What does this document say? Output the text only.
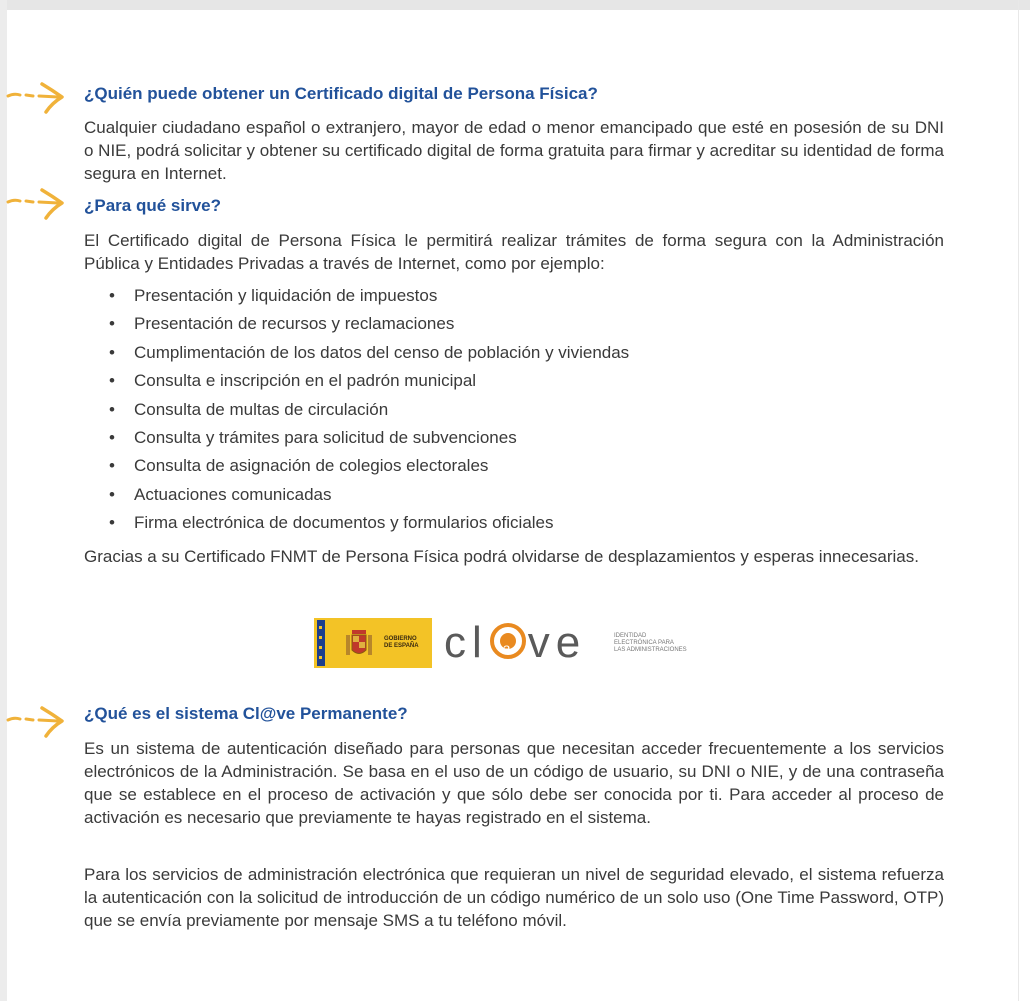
¿Quién puede obtener un Certificado digital de Persona Física?

Cualquier ciudadano español o extranjero, mayor de edad o menor emancipado que esté en posesión de su DNI o NIE, podrá solicitar y obtener su certificado digital de forma gratuita para firmar y acreditar su identidad de forma segura en Internet.

¿Para qué sirve?

El Certificado digital de Persona Física le permitirá realizar trámites de forma segura con la Administración Pública y Entidades Privadas a través de Internet, como por ejemplo:

• Presentación y liquidación de impuestos
• Presentación de recursos y reclamaciones
• Cumplimentación de los datos del censo de población y viviendas
• Consulta e inscripción en el padrón municipal
• Consulta de multas de circulación
• Consulta y trámites para solicitud de subvenciones
• Consulta de asignación de colegios electorales
• Actuaciones comunicadas
• Firma electrónica de documentos y formularios oficiales

Gracias a su Certificado FNMT de Persona Física podrá olvidarse de desplazamientos y esperas innecesarias.

GOBIERNO
DE ESPAÑA cla ve	IDENTIDAD
ELECTRÓNICA PARA
LAS ADMINISTRACIONES
¿Qué es el sistema Cl@ve Permanente?

Es un sistema de autenticación diseñado para personas que necesitan acceder frecuentemente a los servicios electrónicos de la Administración. Se basa en el uso de un código de usuario, su DNI o NIE, y de una contraseña que se establece en el proceso de activación y que sólo debe ser conocida por ti. Para acceder al proceso de activación es necesario que previamente te hayas registrado en el sistema.

Para los servicios de administración electrónica que requieran un nivel de seguridad elevado, el sistema refuerza la autenticación con la solicitud de introducción de un código numérico de un solo uso (One Time Password, OTP) que se envía previamente por mensaje SMS a tu teléfono móvil.
